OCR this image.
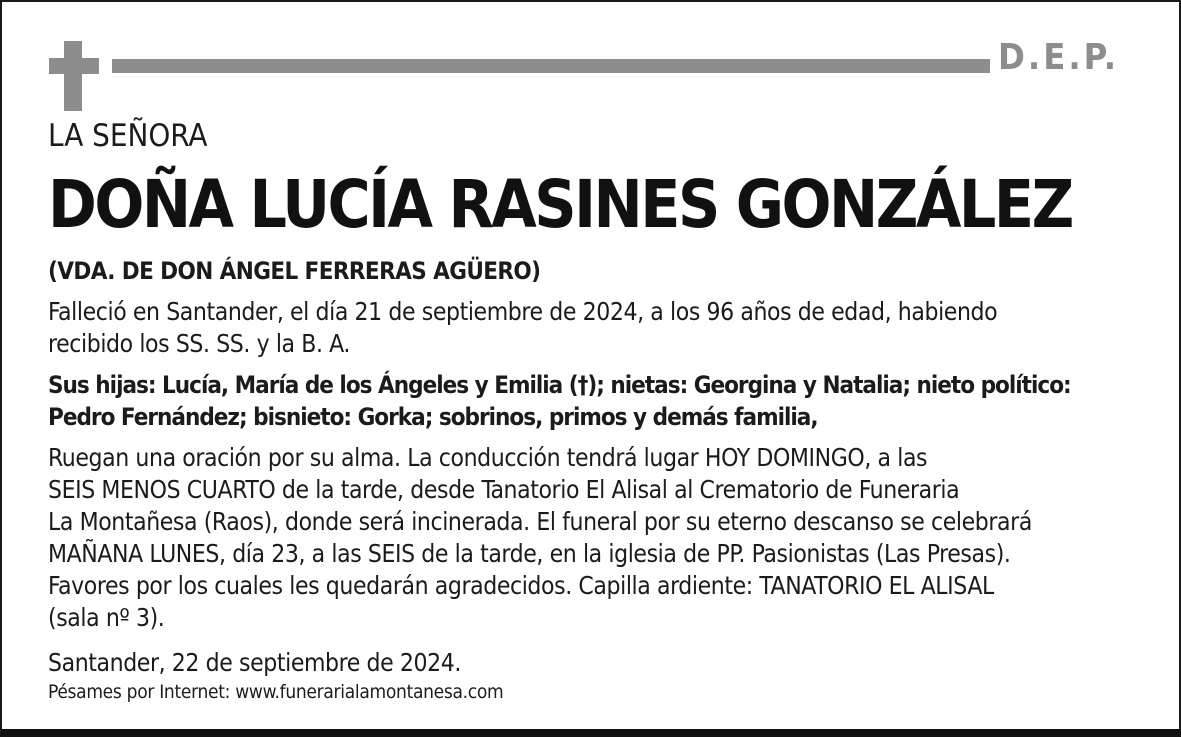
D.E.P.
LA SEÑORA
DOÑA LUCÍA RASINES GONZÁLEZ
(VDA. DE DON ÁNGEL FERRERAS AGÜERO)
Falleció en Santander, el día 21 de septiembre de 2024, a los 96 años de edad, habiendo
recibido los SS. SS. y la B. A.
Sus hijas: Lucía, María de los Ángeles y Emilia (†); nietas: Georgina y Natalia; nieto político:
Pedro Fernández; bisnieto: Gorka; sobrinos, primos y demás familia,
Ruegan una oración por su alma. La conducción tendrá lugar HOY DOMINGO, a las
SEIS MENOS CUARTO de la tarde, desde Tanatorio El Alisal al Crematorio de Funeraria
La Montañesa (Raos), donde será incinerada. El funeral por su eterno descanso se celebrará
MAÑANA LUNES, día 23, a las SEIS de la tarde, en la iglesia de PP. Pasionistas (Las Presas).
Favores por los cuales les quedarán agradecidos. Capilla ardiente: TANATORIO EL ALISAL
(sala nº 3).
Santander, 22 de septiembre de 2024.
Pésames por Internet: www.funerarialamontanesa.com
